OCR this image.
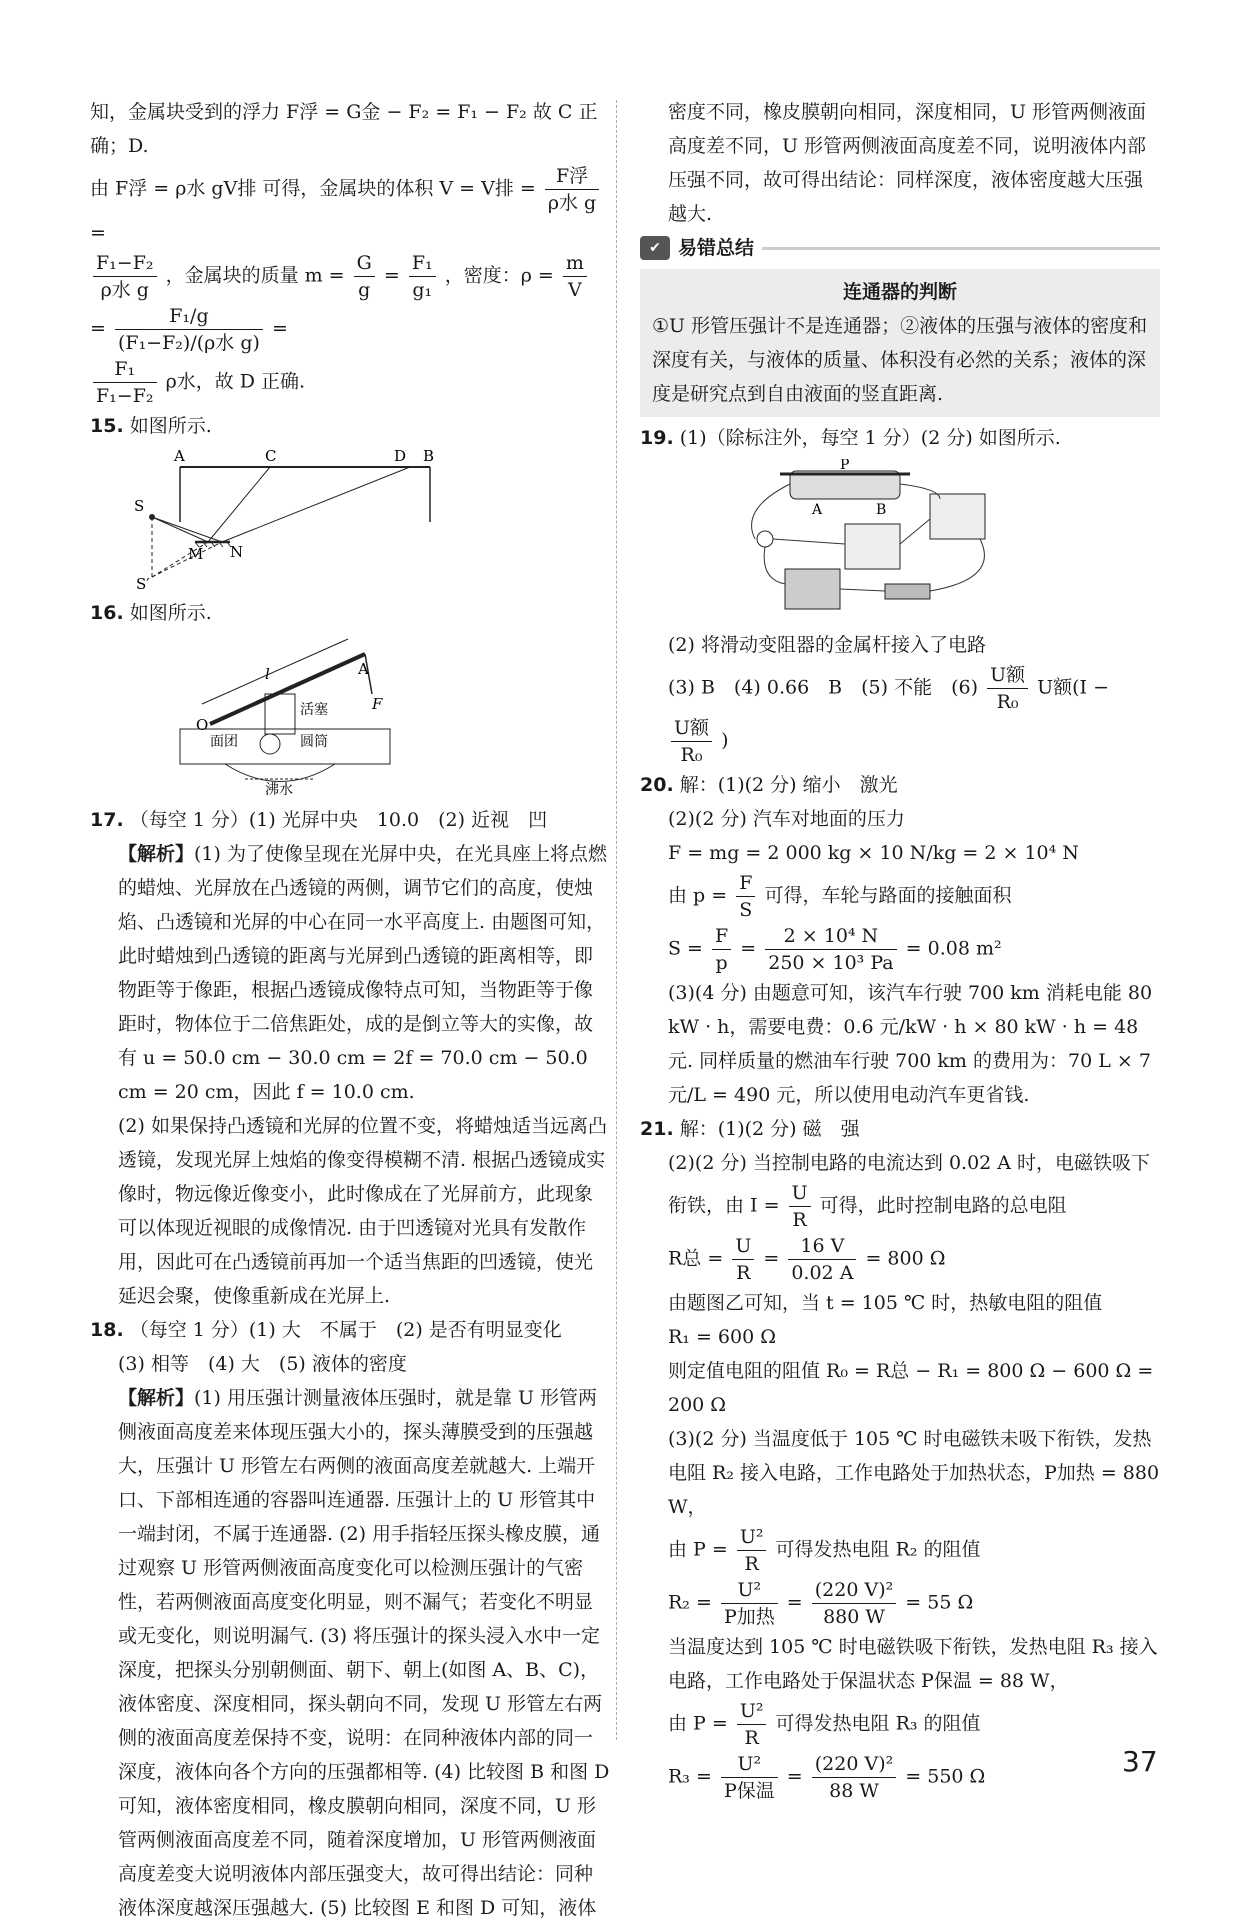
知，金属块受到的浮力 F浮 = G金 − F₂ = F₁ − F₂ 故 C 正确；D.

由 F浮 = ρ水 gV排 可得，金属块的体积 V = V排 = $\frac{\text{F浮}}{\text{ρ水 g}}$
=

$\frac{\text{F₁−F₂}}{\text{ρ水 g}}$ ，金属块的质量 $m = \frac{G}{g} = \frac{\text{F₁}}{\text{g₁}}$ ，密度：$\rho = \frac{m}{V}$
= $\frac{\text{F₁/g}}{\text{(F₁−F₂)/(ρ水 g)}}$ =

$\frac{\text{F₁}}{\text{F₁−F₂}}$ ρ水，故 D 正确.

15. 如图所示.

A	C	D B
S
M N
S′

16. 如图所示.

l	A
F
O
活塞
圆筒
面团
沸水

17. （每空 1 分）(1) 光屏中央　10.0　(2) 近视　凹

【解析】(1) 为了使像呈现在光屏中央，在光具座上将点燃的蜡烛、光屏放在凸透镜的两侧，调节它们的高度，使烛焰、凸透镜和光屏的中心在同一水平高度上. 由题图可知，此时蜡烛到凸透镜的距离与光屏到凸透镜的距离相等，即物距等于像距，根据凸透镜成像特点可知，当物距等于像距时，物体位于二倍焦距处，成的是倒立等大的实像，故有 u = 50.0 cm − 30.0 cm = 2f = 70.0 cm − 50.0 cm = 20 cm，因此 f = 10.0 cm.

(2) 如果保持凸透镜和光屏的位置不变，将蜡烛适当远离凸透镜，发现光屏上烛焰的像变得模糊不清. 根据凸透镜成实像时，物远像近像变小，此时像成在了光屏前方，此现象可以体现近视眼的成像情况. 由于凹透镜对光具有发散作用，因此可在凸透镜前再加一个适当焦距的凹透镜，使光延迟会聚，使像重新成在光屏上.

18. （每空 1 分）(1) 大　不属于　(2) 是否有明显变化

(3) 相等　(4) 大　(5) 液体的密度

【解析】(1) 用压强计测量液体压强时，就是靠 U 形管两侧液面高度差来体现压强大小的，探头薄膜受到的压强越大，压强计 U 形管左右两侧的液面高度差就越大. 上端开口、下部相连通的容器叫连通器. 压强计上的 U 形管其中一端封闭，不属于连通器. (2) 用手指轻压探头橡皮膜，通过观察 U 形管两侧液面高度变化可以检测压强计的气密性，若两侧液面高度变化明显，则不漏气；若变化不明显或无变化，则说明漏气. (3) 将压强计的探头浸入水中一定深度，把探头分别朝侧面、朝下、朝上(如图 A、B、C)，液体密度、深度相同，探头朝向不同，发现 U 形管左右两侧的液面高度差保持不变，说明：在同种液体内部的同一深度，液体向各个方向的压强都相等. (4) 比较图 B 和图 D 可知，液体密度相同，橡皮膜朝向相同，深度不同，U 形管两侧液面高度差不同，随着深度增加，U 形管两侧液面高度差变大说明液体内部压强变大，故可得出结论：同种液体深度越深压强越大. (5) 比较图 E 和图 D 可知，液体

密度不同，橡皮膜朝向相同，深度相同，U 形管两侧液面高度差不同，U 形管两侧液面高度差不同，说明液体内部压强不同，故可得出结论：同样深度，液体密度越大压强越大.

✔ 易错总结
连通器的判断
①U 形管压强计不是连通器；②液体的压强与液体的密度和深度有关，与液体的质量、体积没有必然的关系；液体的深度是研究点到自由液面的竖直距离.

19. (1)（除标注外，每空 1 分）(2 分) 如图所示.

P
A	B

(2) 将滑动变阻器的金属杆接入了电路

(3) B　(4) 0.66　B　(5) 不能　$(6) \frac{\text{U额}}{\text{R₀}}$ U额(I −
$\frac{\text{U额}}{\text{R₀}}$ )

20. 解：(1)(2 分) 缩小　激光

(2)(2 分) 汽车对地面的压力

F = mg = 2 000 kg × 10 N/kg = 2 × 10⁴ N

由 $p = \frac{F}{S}$ 可得，车轮与路面的接触面积

$S = \frac{F}{p} = \frac{\text{2 × 10⁴ N}}{\text{250 × 10³ Pa}} = 0.08$ m²

(3)(4 分) 由题意可知，该汽车行驶 700 km 消耗电能 80 kW · h，需要电费：0.6 元/kW · h × 80 kW · h = 48 元. 同样质量的燃油车行驶 700 km 的费用为：70 L × 7 元/L = 490 元，所以使用电动汽车更省钱.

21. 解：(1)(2 分) 磁　强

(2)(2 分) 当控制电路的电流达到 0.02 A 时，电磁铁吸下衔铁，由 $I = \frac{U}{R}$ 可得，此时控制电路的总电阻

R总 = $\frac{U}{R} = \frac{16 V}{0.02 A} = 800$ Ω

由题图乙可知，当 t = 105 ℃ 时，热敏电阻的阻值

R₁ = 600 Ω

则定值电阻的阻值 R₀ = R总 − R₁ = 800 Ω − 600 Ω = 200 Ω

(3)(2 分) 当温度低于 105 ℃ 时电磁铁未吸下衔铁，发热电阻 R₂ 接入电路，工作电路处于加热状态，P加热 = 880 W，

由 $P = \frac{\text{U²}}{R}$ 可得发热电阻 R₂ 的阻值

$R_2 = \frac{\text{U²}}{\text{P加热}} = \frac{\text{(220 V)²}}{880 W} = 55$ Ω

当温度达到 105 ℃ 时电磁铁吸下衔铁，发热电阻 R₃ 接入电路，工作电路处于保温状态 P保温 = 88 W，

由 $P = \frac{\text{U²}}{R}$ 可得发热电阻 R₃ 的阻值

$R_3 = \frac{\text{U²}}{\text{P保温}} = \frac{\text{(220 V)²}}{88 W} = 550$ Ω	37
